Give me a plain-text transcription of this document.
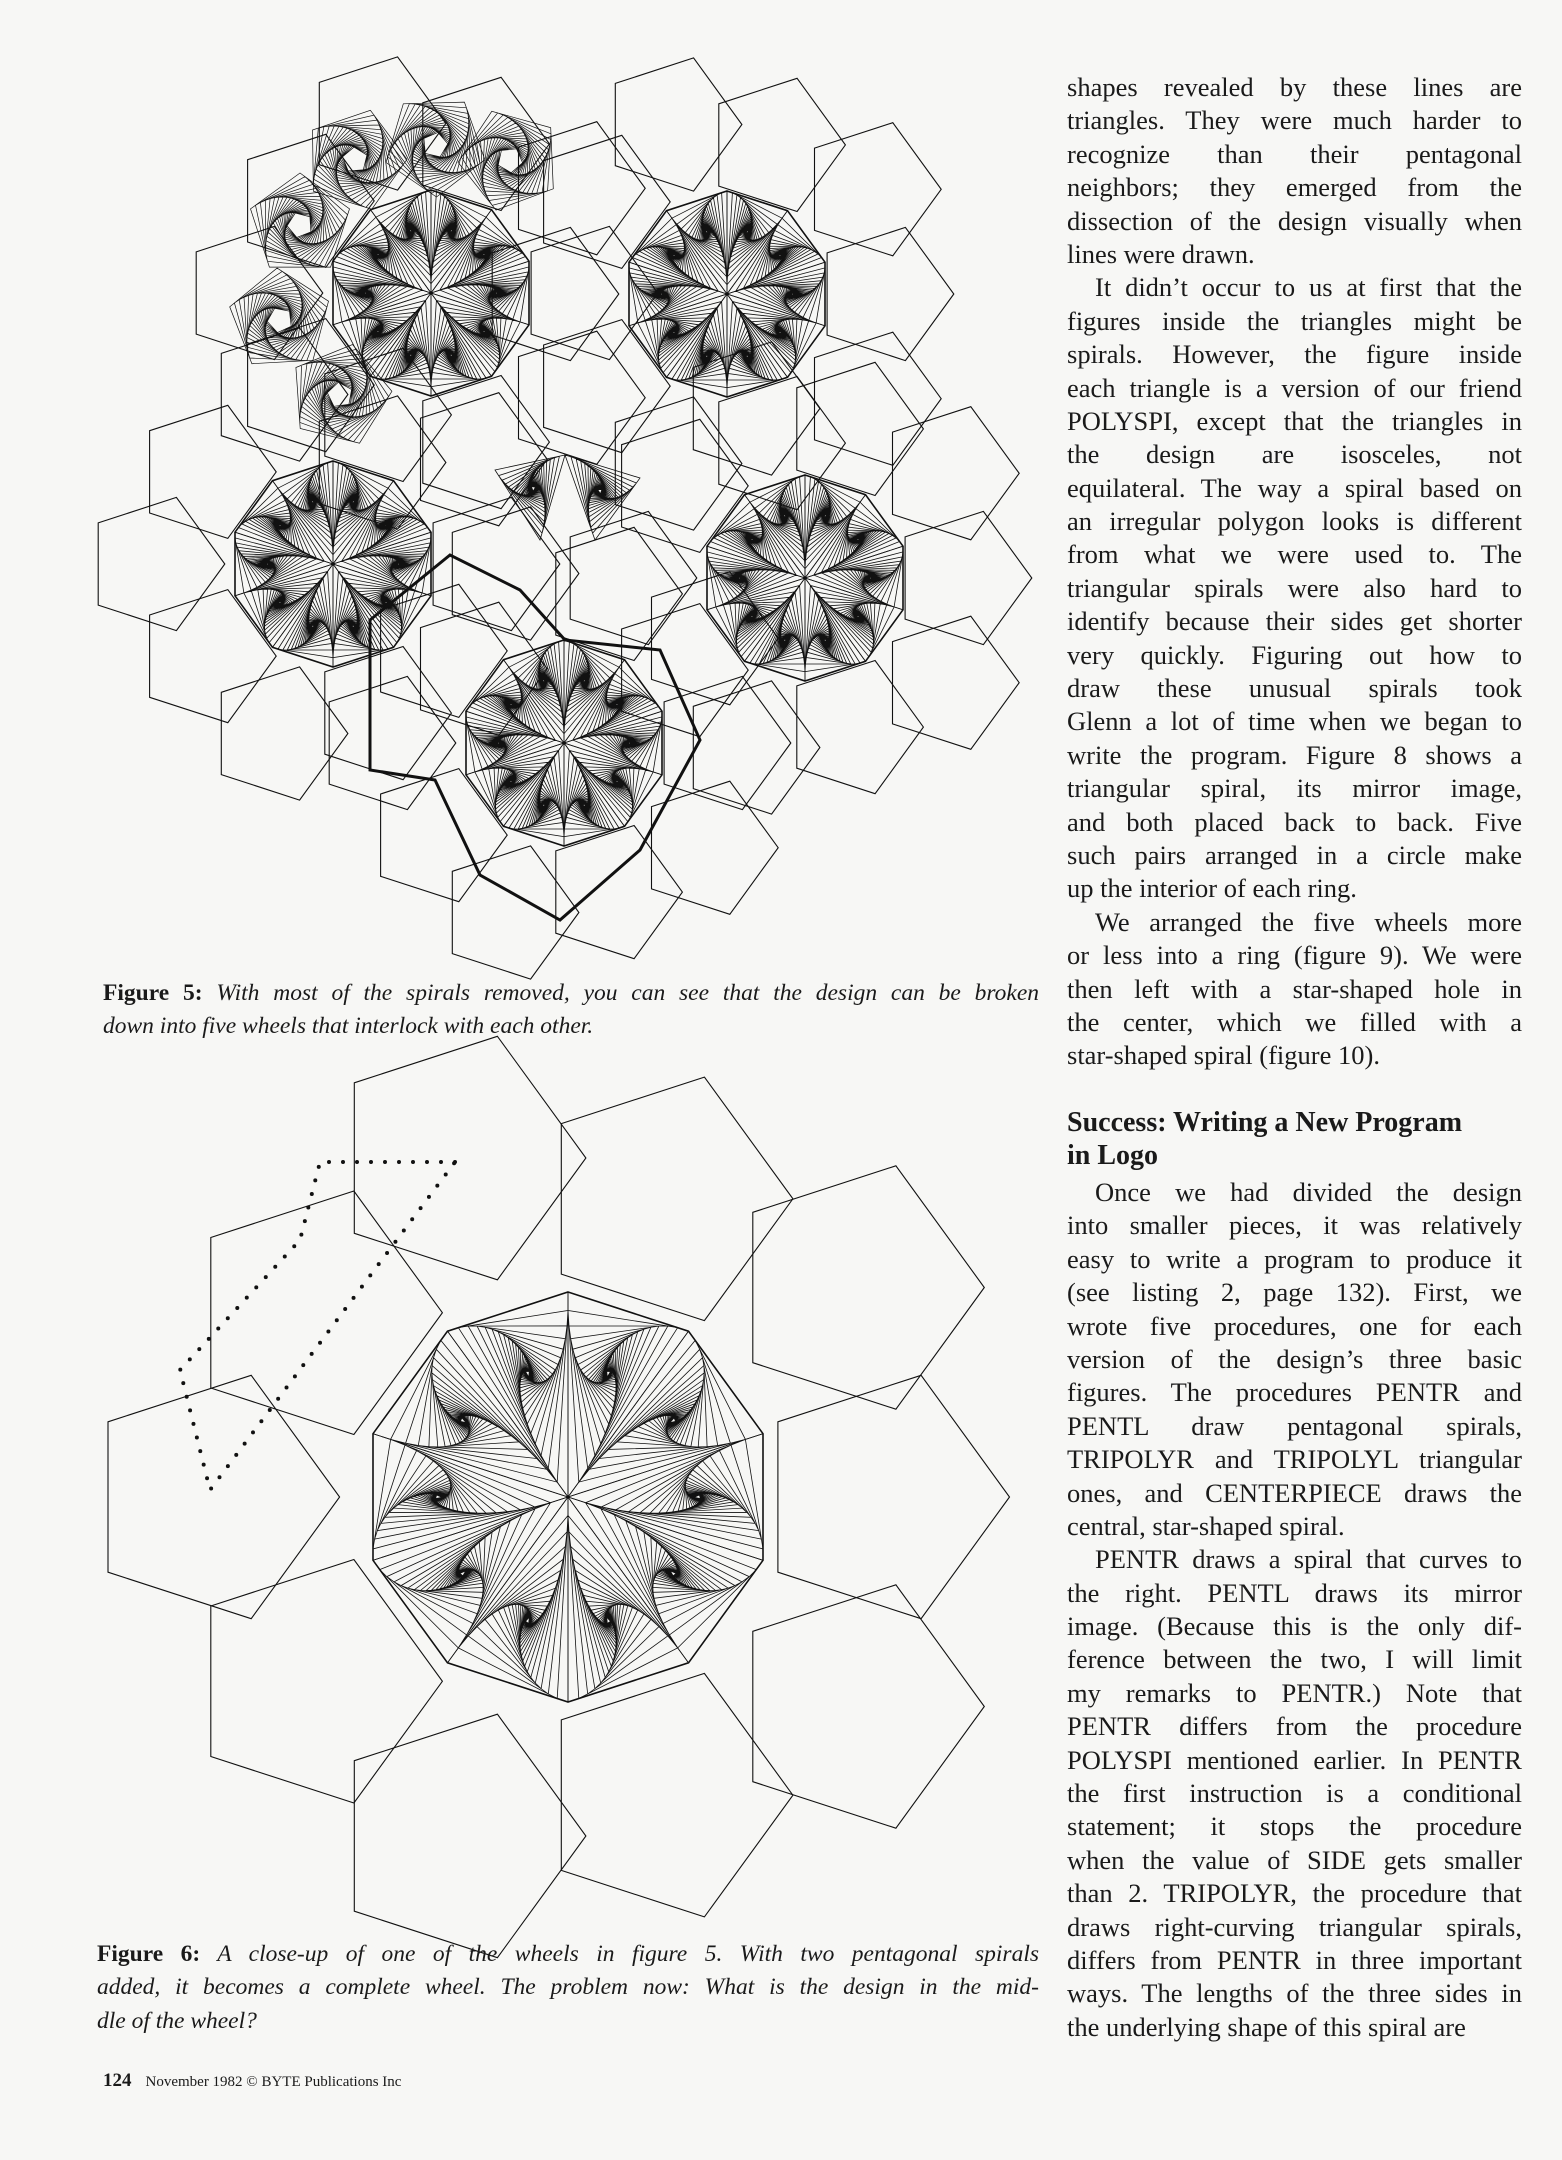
shapes revealed by these lines are
triangles. They were much harder to
recognize than their pentagonal
neighbors; they emerged from the
dissection of the design visually when
lines were drawn.
It didn’t occur to us at first that the
figures inside the triangles might be
spirals. However, the figure inside
each triangle is a version of our friend
POLYSPI, except that the triangles in
the design are isosceles, not
equilateral. The way a spiral based on
an irregular polygon looks is different
from what we were used to. The
triangular spirals were also hard to
identify because their sides get shorter
very quickly. Figuring out how to
draw these unusual spirals took
Glenn a lot of time when we began to
write the program. Figure 8 shows a
triangular spiral, its mirror image,
and both placed back to back. Five
such pairs arranged in a circle make
up the interior of each ring.
We arranged the five wheels more
or less into a ring (figure 9). We were
then left with a star-shaped hole in
the center, which we filled with a
star-shaped spiral (figure 10).
Success: Writing a New Program
in Logo
Once we had divided the design
into smaller pieces, it was relatively
easy to write a program to produce it
(see listing 2, page 132). First, we
wrote five procedures, one for each
version of the design’s three basic
figures. The procedures PENTR and
PENTL draw pentagonal spirals,
TRIPOLYR and TRIPOLYL triangular
ones, and CENTERPIECE draws the
central, star-shaped spiral.
PENTR draws a spiral that curves to
the right. PENTL draws its mirror
image. (Because this is the only dif-
ference between the two, I will limit
my remarks to PENTR.) Note that
PENTR differs from the procedure
POLYSPI mentioned earlier. In PENTR
the first instruction is a conditional
statement; it stops the procedure
when the value of SIDE gets smaller
than 2. TRIPOLYR, the procedure that
draws right-curving triangular spirals,
differs from PENTR in three important
ways. The lengths of the three sides in
the underlying shape of this spiral are
Figure 5: With most of the spirals removed, you can see that the design can be broken
down into five wheels that interlock with each other.
Figure 6: A close-up of one of the wheels in figure 5. With two pentagonal spirals
added, it becomes a complete wheel. The problem now: What is the design in the mid-
dle of the wheel?
124 November 1982 © BYTE Publications Inc
